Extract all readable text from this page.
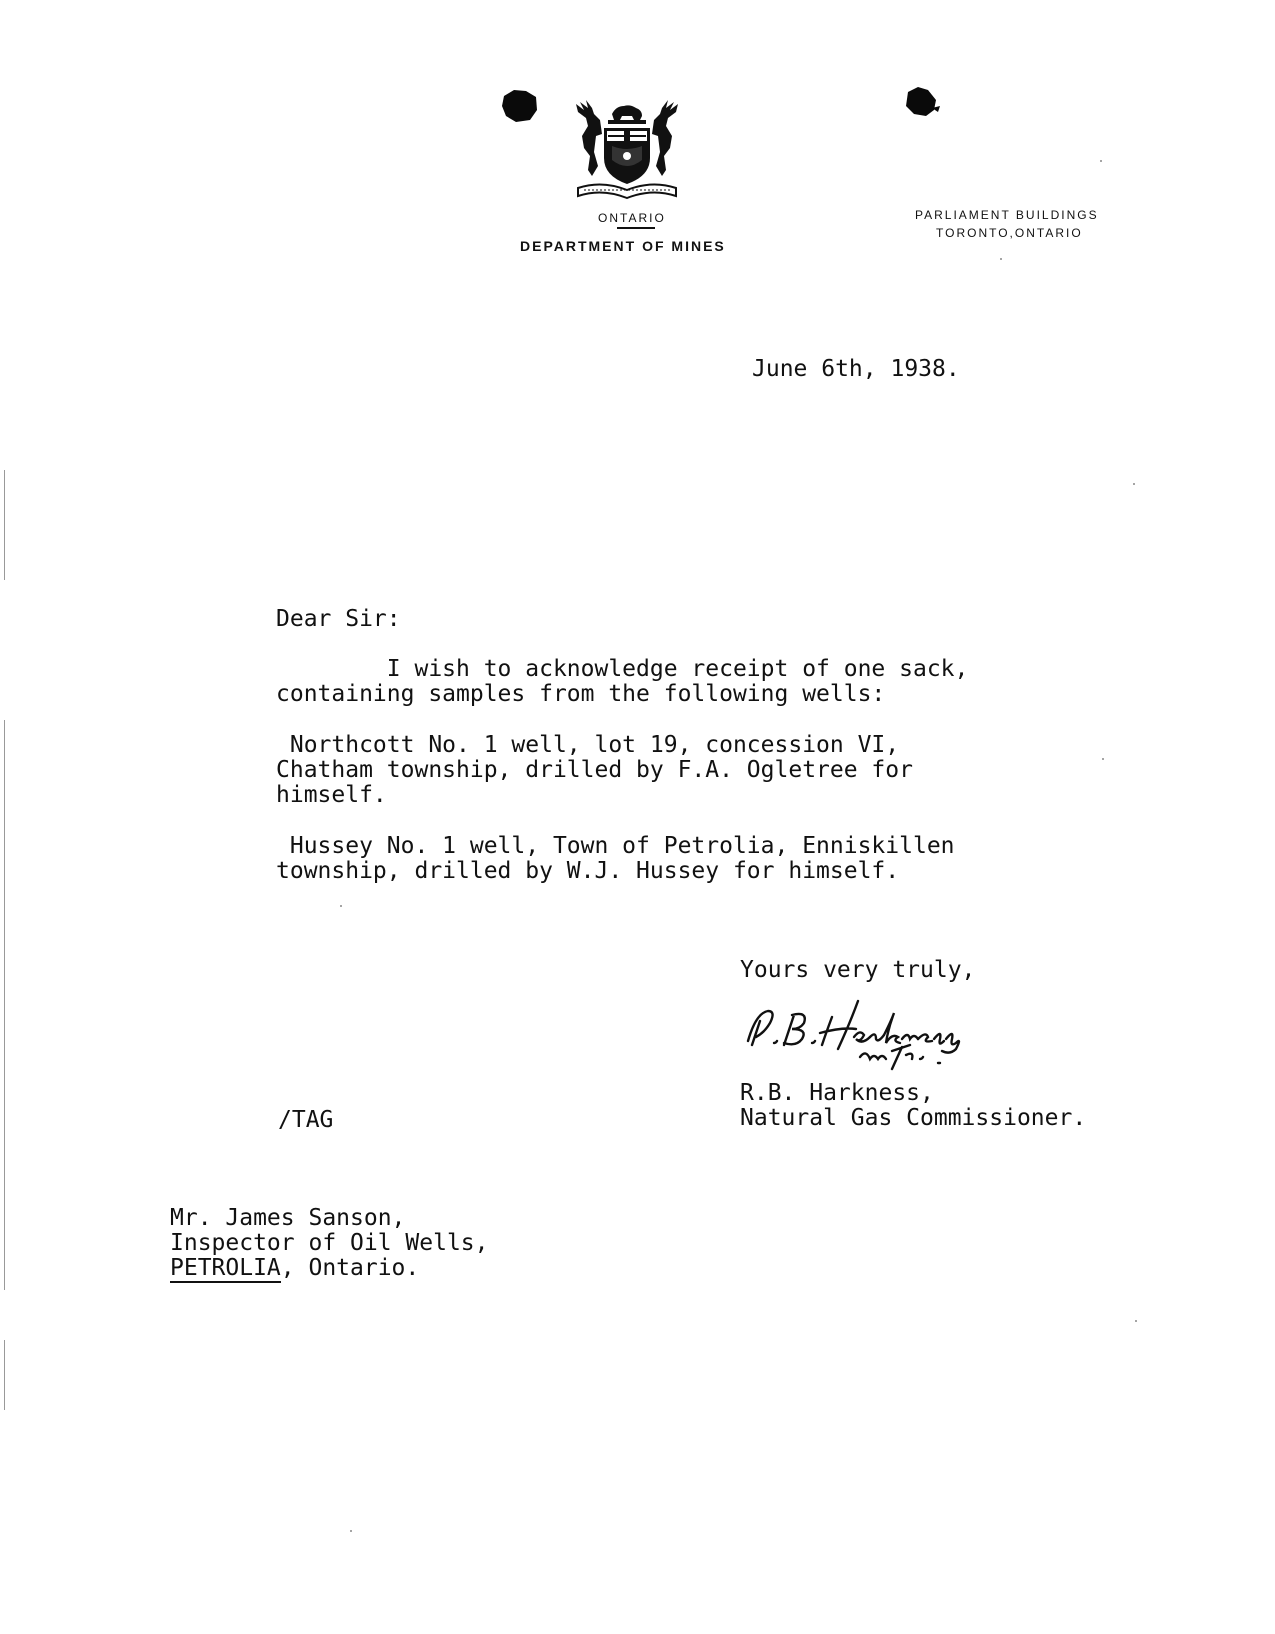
ONTARIO
DEPARTMENT OF MINES
PARLIAMENT BUILDINGS
TORONTO,ONTARIO
June 6th, 1938.
Dear Sir:
I wish to acknowledge receipt of one sack,
containing samples from the following wells:
Northcott No. 1 well, lot 19, concession VI,
Chatham township, drilled by F.A. Ogletree for
himself.
Hussey No. 1 well, Town of Petrolia, Enniskillen
township, drilled by W.J. Hussey for himself.
Yours very truly,
R.B. Harkness,
Natural Gas Commissioner.
/TAG
Mr. James Sanson,
Inspector of Oil Wells,
PETROLIA, Ontario.
